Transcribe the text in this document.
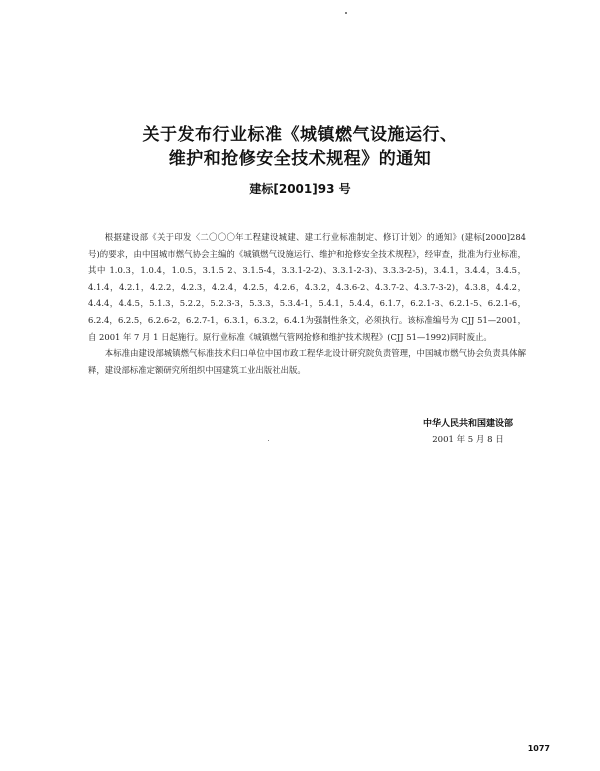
关于发布行业标准《城镇燃气设施运行、
维护和抢修安全技术规程》的通知
建标[2001]93 号

根据建设部《关于印发〈二〇〇〇年工程建设城建、建工行业标准制定、修订计划〉的通知》(建标[2000]284 号)的要求，由中国城市燃气协会主编的《城镇燃气设施运行、维护和抢修安全技术规程》，经审查，批准为行业标准，其中 1.0.3，1.0.4，1.0.5，3.1.5 2、3.1.5-4，3.3.1-2-2)、3.3.1-2-3)、3.3.3-2-5)，3.4.1，3.4.4，3.4.5，4.1.4，4.2.1，4.2.2，4.2.3，4.2.4，4.2.5，4.2.6，4.3.2，4.3.6-2、4.3.7-2、4.3.7-3-2)，4.3.8，4.4.2，4.4.4，4.4.5，5.1.3，5.2.2，5.2.3-3，5.3.3，5.3.4-1，5.4.1，5.4.4，6.1.7，6.2.1-3、6.2.1-5、6.2.1-6，6.2.4，6.2.5，6.2.6-2，6.2.7-1，6.3.1，6.3.2，6.4.1为强制性条文，必须执行。该标准编号为 CJJ 51—2001，自 2001 年 7 月 1 日起施行。原行业标准《城镇燃气管网抢修和维护技术规程》(CJJ 51—1992)同时废止。

本标准由建设部城镇燃气标准技术归口单位中国市政工程华北设计研究院负责管理，中国城市燃气协会负责具体解释，建设部标准定额研究所组织中国建筑工业出版社出版。

中华人民共和国建设部
2001 年 5 月 8 日
1077
